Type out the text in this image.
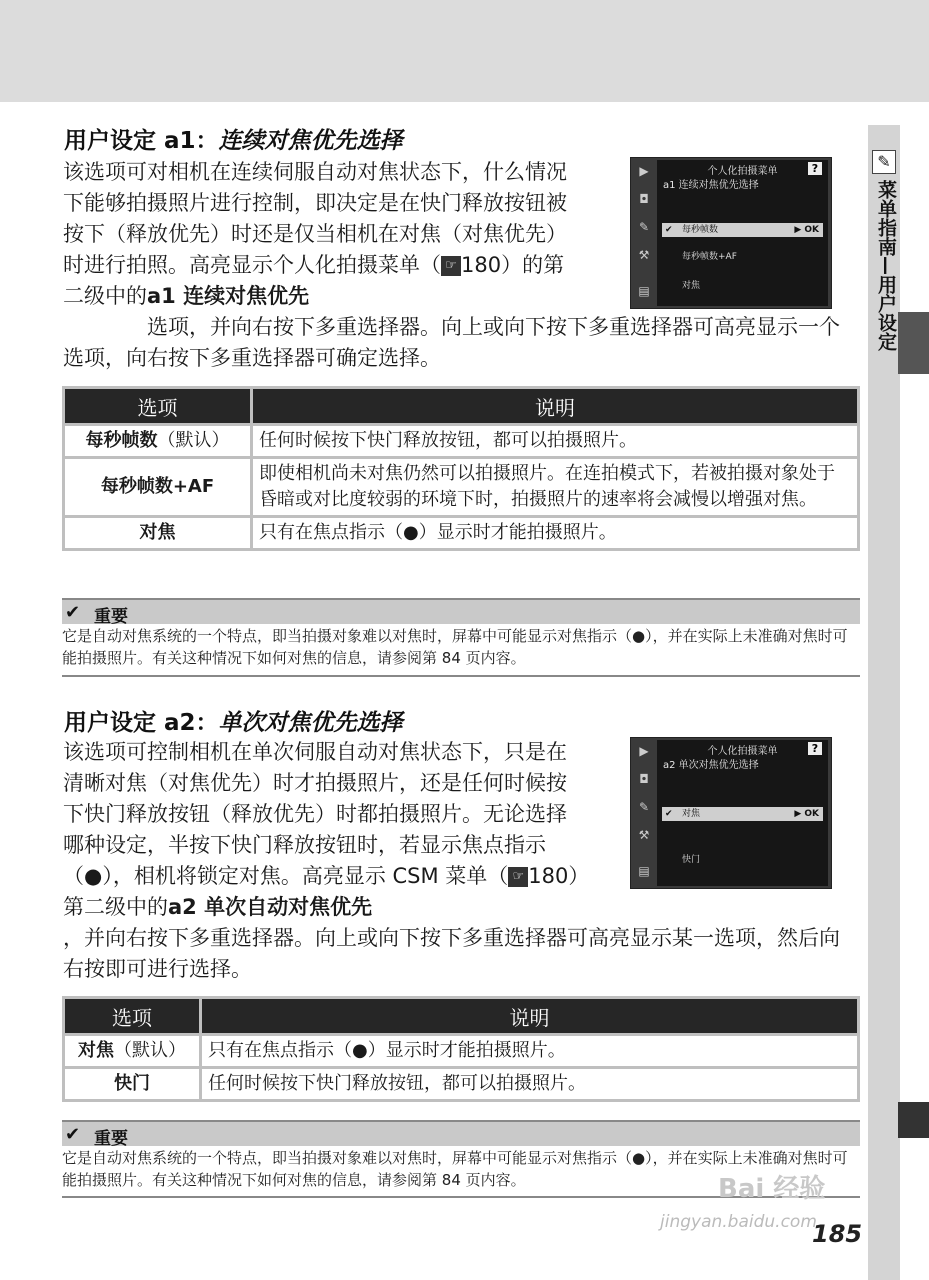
✎
菜单指南—用户设定
用户设定 a1：连续对焦优先选择

该选项可对相机在连续伺服自动对焦状态下，什么情况下能够拍摄照片进行控制，即决定是在快门释放按钮被按下（释放优先）时还是仅当相机在对焦（对焦优先）时进行拍照。高亮显示个人化拍摄菜单（ ☞ 180）的第二级中的a1 连续对焦优先

选项，并向右按下多重选择器。向上或向下按下多重选择器可高亮显示一个选项，向右按下多重选择器可确定选择。

▶
◘
✎
⚒
▤
个人化拍摄菜单	?
a1 连续对焦优先选择
✔ 每秒帧数	▶ OK
每秒帧数+AF
对焦
选项	说明
每秒帧数（默认）	任何时候按下快门释放按钮，都可以拍摄照片。
每秒帧数+AF	即使相机尚未对焦仍然可以拍摄照片。在连拍模式下，若被拍摄对象处于昏暗或对比度较弱的环境下时，拍摄照片的速率将会减慢以增强对焦。
对焦	只有在焦点指示（●）显示时才能拍摄照片。
✔ 重要

它是自动对焦系统的一个特点，即当拍摄对象难以对焦时，屏幕中可能显示对焦指示（●），并在实际上未准确对焦时可能拍摄照片。有关这种情况下如何对焦的信息，请参阅第 84 页内容。

用户设定 a2：单次对焦优先选择

该选项可控制相机在单次伺服自动对焦状态下，只是在清晰对焦（对焦优先）时才拍摄照片，还是任何时候按下快门释放按钮（释放优先）时都拍摄照片。无论选择哪种设定，半按下快门释放按钮时，若显示焦点指示（●），相机将锁定对焦。高亮显示 CSM 菜单（ ☞ 180）第二级中的a2 单次自动对焦优先

，并向右按下多重选择器。向上或向下按下多重选择器可高亮显示某一选项，然后向右按即可进行选择。

▶
◘
✎
⚒
▤
个人化拍摄菜单	?
a2 单次对焦优先选择
✔ 对焦	▶ OK
快门
选项	说明
对焦（默认）	只有在焦点指示（●）显示时才能拍摄照片。
快门	任何时候按下快门释放按钮，都可以拍摄照片。
✔ 重要

它是自动对焦系统的一个特点，即当拍摄对象难以对焦时，屏幕中可能显示对焦指示（●），并在实际上未准确对焦时可能拍摄照片。有关这种情况下如何对焦的信息，请参阅第 84 页内容。	Bai 经验
jingyan.baidu.com
185
